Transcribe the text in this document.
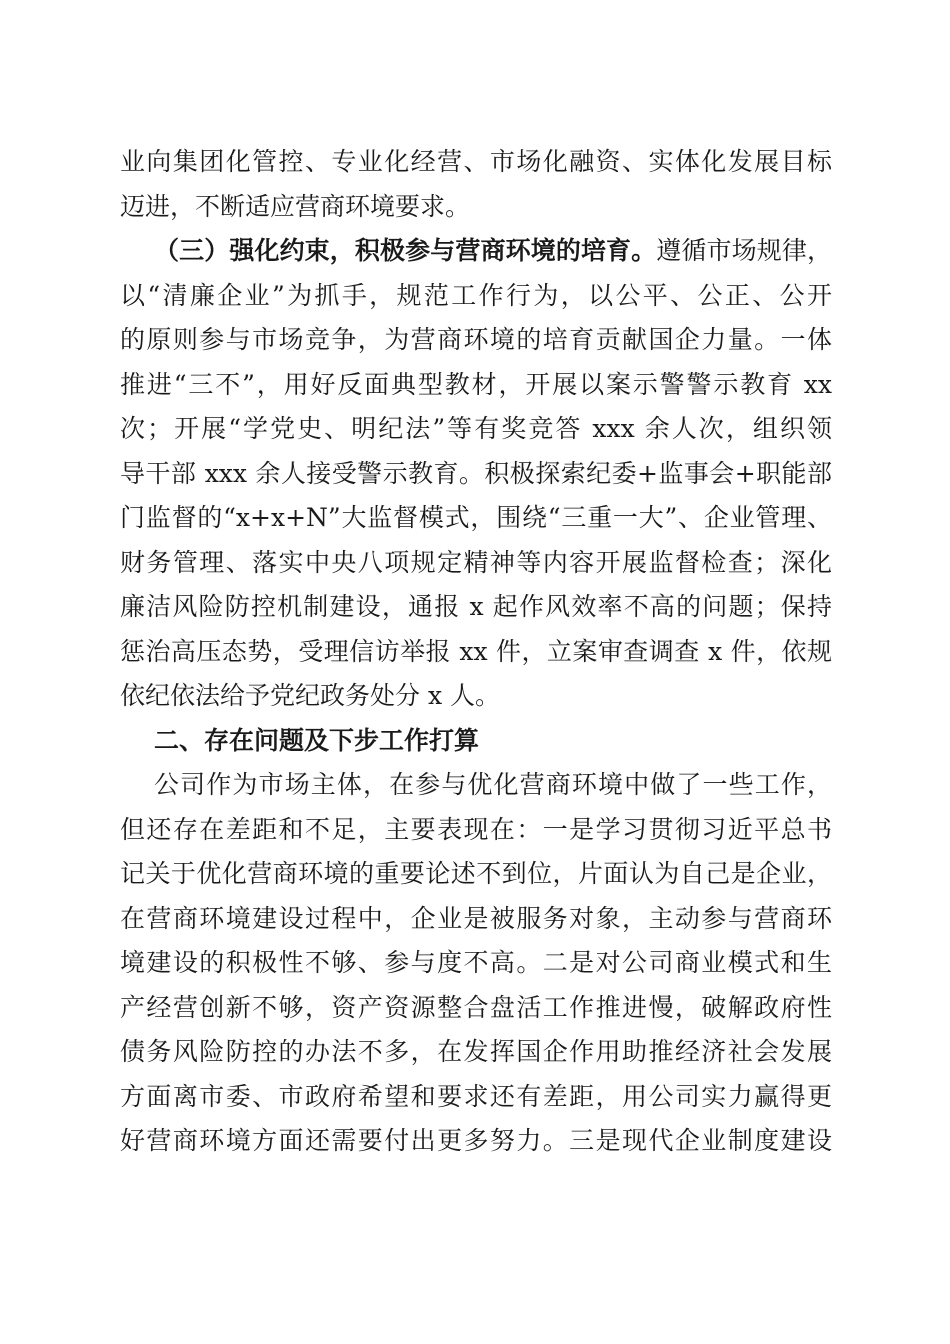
业向集团化管控、专业化经营、市场化融资、实体化发展目标
迈进，不断适应营商环境要求。
（三）强化约束，积极参与营商环境的培育。遵循市场规律，
以“清廉企业”为抓手，规范工作行为，以公平、公正、公开
的原则参与市场竞争，为营商环境的培育贡献国企力量。一体
推进“三不”，用好反面典型教材，开展以案示警警示教育 xx
次；开展“学党史、明纪法”等有奖竞答 xxx 余人次，组织领
导干部 xxx 余人接受警示教育。积极探索纪委+监事会+职能部
门监督的“x+x+N”大监督模式，围绕“三重一大”、企业管理、
财务管理、落实中央八项规定精神等内容开展监督检查；深化
廉洁风险防控机制建设，通报 x 起作风效率不高的问题；保持
惩治高压态势，受理信访举报 xx 件，立案审查调查 x 件，依规
依纪依法给予党纪政务处分 x 人。
二、存在问题及下步工作打算
公司作为市场主体，在参与优化营商环境中做了一些工作，
但还存在差距和不足，主要表现在：一是学习贯彻习近平总书
记关于优化营商环境的重要论述不到位，片面认为自己是企业，
在营商环境建设过程中，企业是被服务对象，主动参与营商环
境建设的积极性不够、参与度不高。二是对公司商业模式和生
产经营创新不够，资产资源整合盘活工作推进慢，破解政府性
债务风险防控的办法不多，在发挥国企作用助推经济社会发展
方面离市委、市政府希望和要求还有差距，用公司实力赢得更
好营商环境方面还需要付出更多努力。三是现代企业制度建设
